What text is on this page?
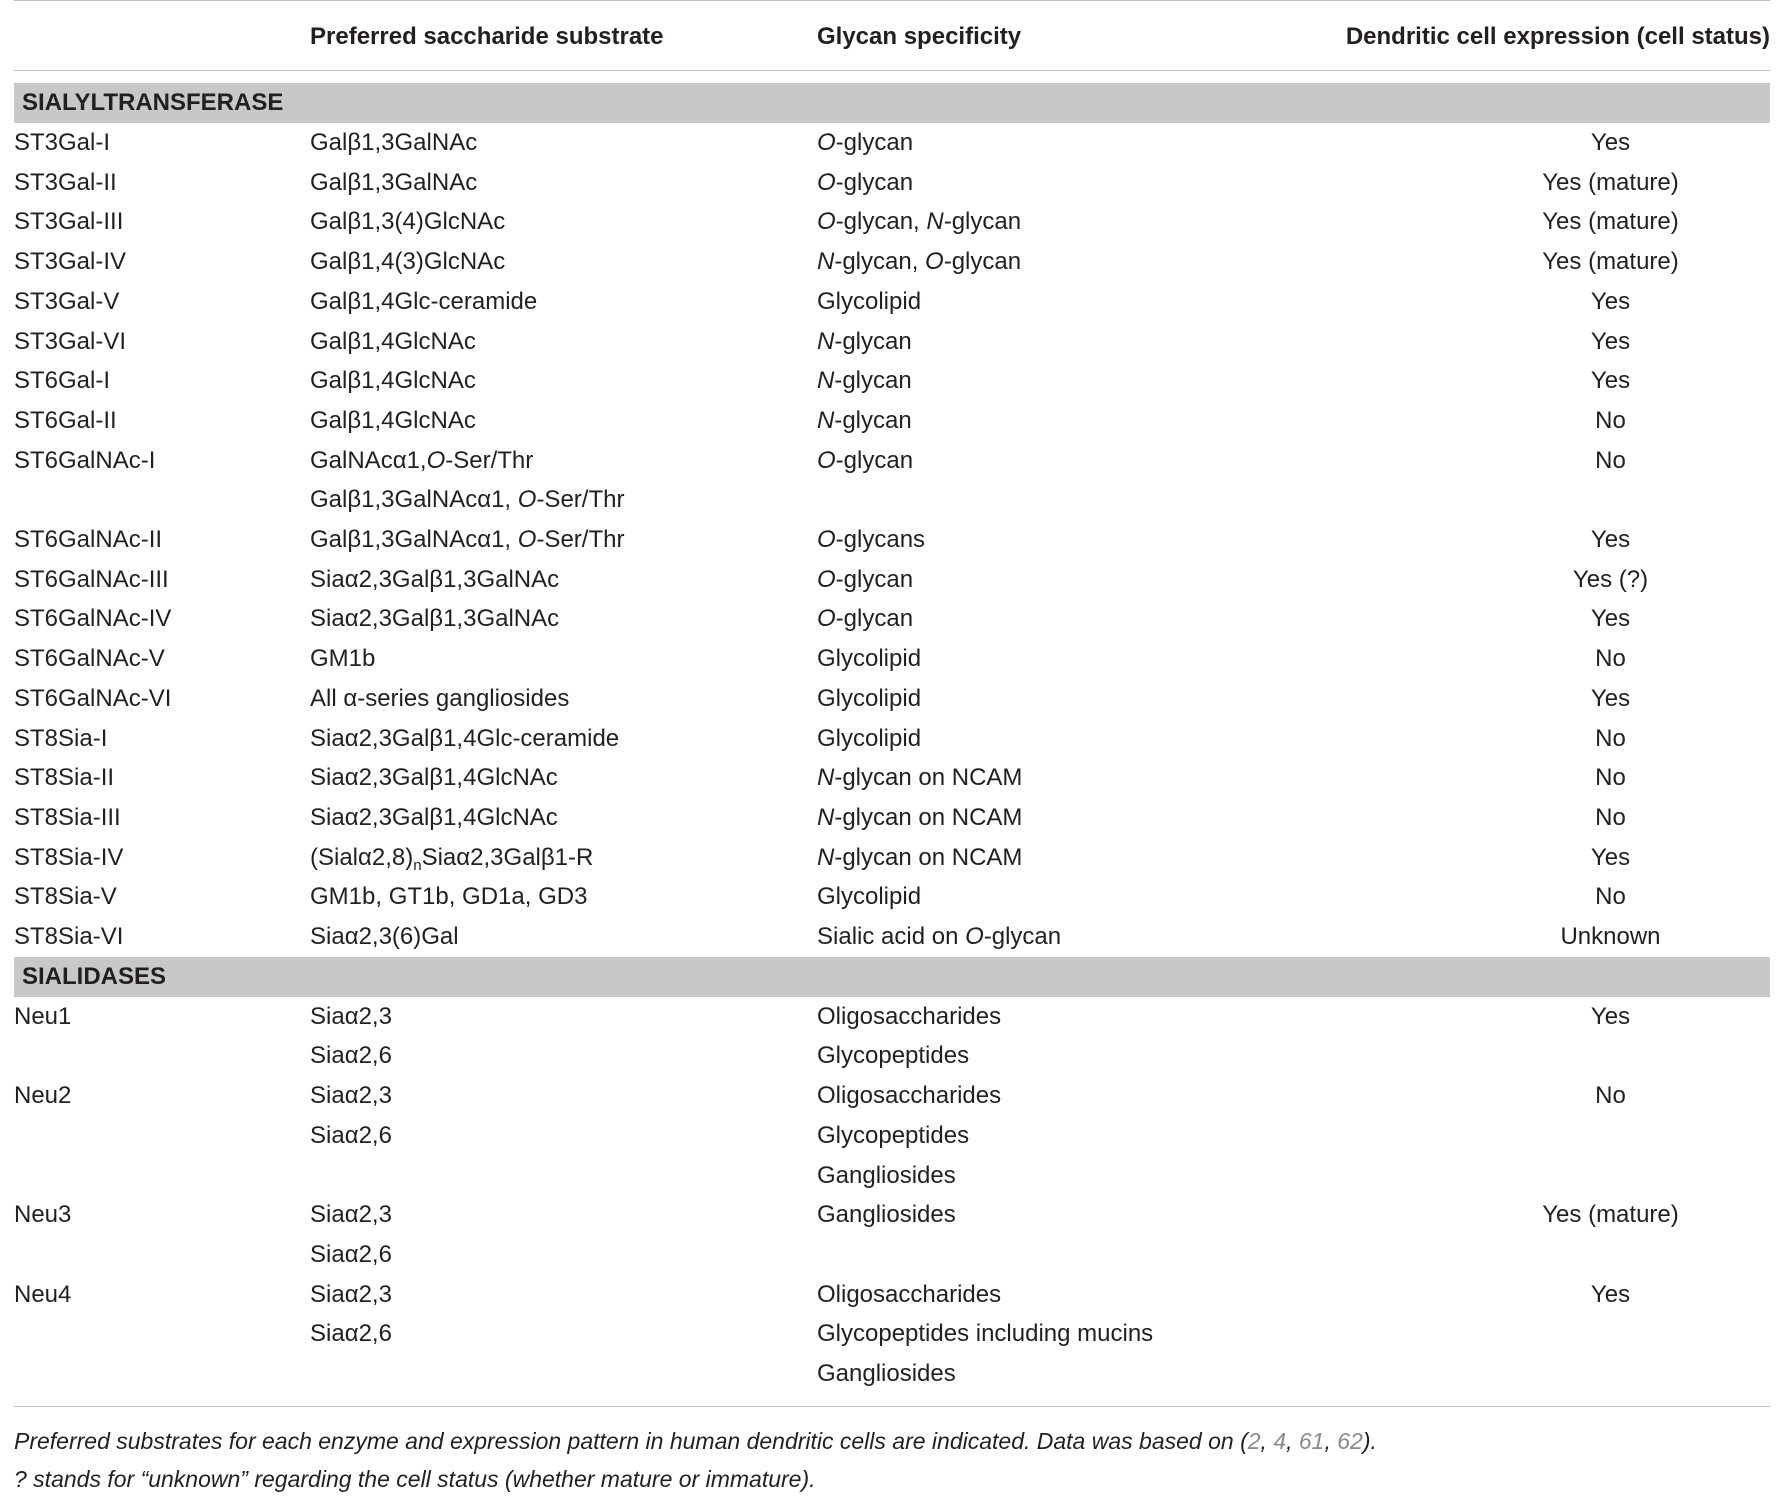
	Preferred saccharide substrate	Glycan specificity	Dendritic cell expression (cell status)

SIALYLTRANSFERASE			
ST3Gal-I	Galβ1,3GalNAc	O-glycan	Yes
ST3Gal-II	Galβ1,3GalNAc	O-glycan	Yes (mature)
ST3Gal-III	Galβ1,3(4)GlcNAc	O-glycan, N-glycan	Yes (mature)
ST3Gal-IV	Galβ1,4(3)GlcNAc	N-glycan, O-glycan	Yes (mature)
ST3Gal-V	Galβ1,4Glc-ceramide	Glycolipid	Yes
ST3Gal-VI	Galβ1,4GlcNAc	N-glycan	Yes
ST6Gal-I	Galβ1,4GlcNAc	N-glycan	Yes
ST6Gal-II	Galβ1,4GlcNAc	N-glycan	No
ST6GalNAc-I	GalNAcα1,O-Ser/Thr	O-glycan	No
	Galβ1,3GalNAcα1, O-Ser/Thr		
ST6GalNAc-II	Galβ1,3GalNAcα1, O-Ser/Thr	O-glycans	Yes
ST6GalNAc-III	Siaα2,3Galβ1,3GalNAc	O-glycan	Yes (?)
ST6GalNAc-IV	Siaα2,3Galβ1,3GalNAc	O-glycan	Yes
ST6GalNAc-V	GM1b	Glycolipid	No
ST6GalNAc-VI	All α-series gangliosides	Glycolipid	Yes
ST8Sia-I	Siaα2,3Galβ1,4Glc-ceramide	Glycolipid	No
ST8Sia-II	Siaα2,3Galβ1,4GlcNAc	N-glycan on NCAM	No
ST8Sia-III	Siaα2,3Galβ1,4GlcNAc	N-glycan on NCAM	No
ST8Sia-IV	$(Sial\alpha 2,8)_nSia\alpha 2,3Gal\beta 1-R$	N-glycan on NCAM	Yes
ST8Sia-V	GM1b, GT1b, GD1a, GD3	Glycolipid	No
ST8Sia-VI	Siaα2,3(6)Gal	Sialic acid on O-glycan	Unknown
SIALIDASES			
Neu1	Siaα2,3	Oligosaccharides	Yes
	Siaα2,6	Glycopeptides	
Neu2	Siaα2,3	Oligosaccharides	No
	Siaα2,6	Glycopeptides	
		Gangliosides	
Neu3	Siaα2,3	Gangliosides	Yes (mature)
	Siaα2,6		
Neu4	Siaα2,3	Oligosaccharides	Yes
	Siaα2,6	Glycopeptides including mucins	
		Gangliosides	

Preferred substrates for each enzyme and expression pattern in human dendritic cells are indicated. Data was based on (2, 4, 61, 62).

? stands for “unknown” regarding the cell status (whether mature or immature).
